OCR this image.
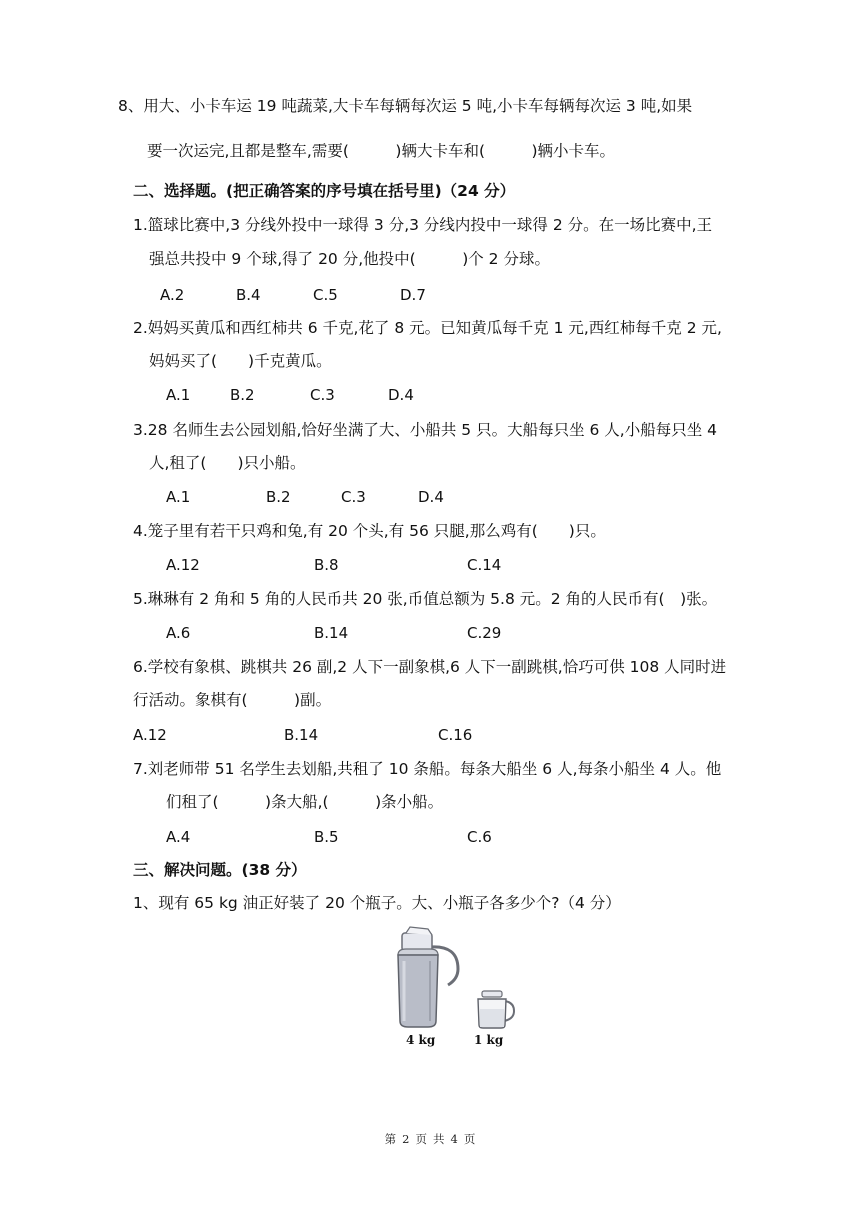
8、用大、小卡车运 19 吨蔬菜,大卡车每辆每次运 5 吨,小卡车每辆每次运 3 吨,如果
要一次运完,且都是整车,需要(　　　)辆大卡车和(　　　)辆小卡车。
二、选择题。(把正确答案的序号填在括号里)（24 分）
1.篮球比赛中,3 分线外投中一球得 3 分,3 分线内投中一球得 2 分。在一场比赛中,王
强总共投中 9 个球,得了 20 分,他投中(　　　)个 2 分球。
A.2	B.4	C.5	D.7
2.妈妈买黄瓜和西红柿共 6 千克,花了 8 元。已知黄瓜每千克 1 元,西红柿每千克 2 元,
妈妈买了(　　)千克黄瓜。
A.1	B.2	C.3	D.4
3.28 名师生去公园划船,恰好坐满了大、小船共 5 只。大船每只坐 6 人,小船每只坐 4
人,租了(　　)只小船。
A.1	B.2	C.3	D.4
4.笼子里有若干只鸡和兔,有 20 个头,有 56 只腿,那么鸡有(　　)只。
A.12	B.8	C.14
5.琳琳有 2 角和 5 角的人民币共 20 张,币值总额为 5.8 元。2 角的人民币有(　)张。
A.6	B.14	C.29
6.学校有象棋、跳棋共 26 副,2 人下一副象棋,6 人下一副跳棋,恰巧可供 108 人同时进
行活动。象棋有(　　　)副。
A.12	B.14	C.16
7.刘老师带 51 名学生去划船,共租了 10 条船。每条大船坐 6 人,每条小船坐 4 人。他
们租了(　　　)条大船,(　　　)条小船。
A.4	B.5	C.6
三、解决问题。(38 分）
1、现有 65 kg 油正好装了 20 个瓶子。大、小瓶子各多少个?（4 分）
4 kg	1 kg
第 2 页 共 4 页
